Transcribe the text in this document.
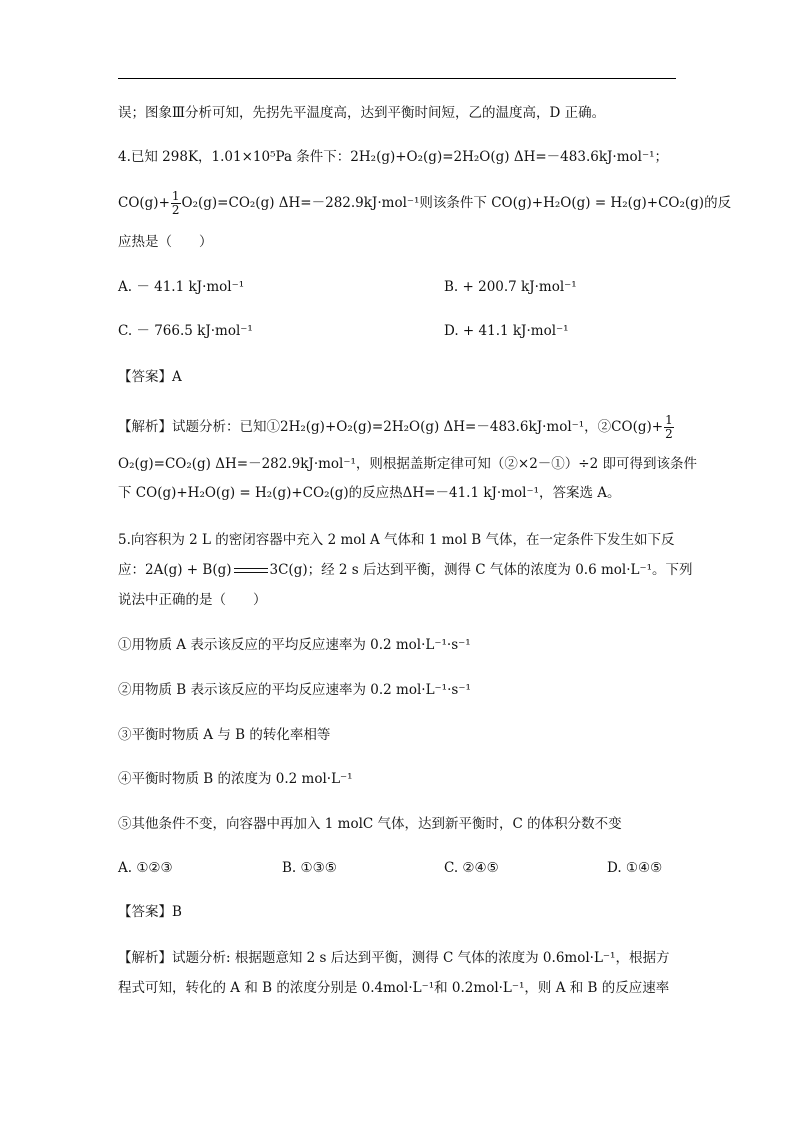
误；图象Ⅲ分析可知，先拐先平温度高，达到平衡时间短，乙的温度高，D 正确。
4.已知 298K，1.01×10⁵Pa 条件下：2H₂(g)+O₂(g)=2H₂O(g) ΔH=－483.6kJ·mol⁻¹；
$CO(g)+ \frac{1}{2} O_2(g)=CO_2(g)$ ΔH=－282.9kJ·mol⁻¹则该条件下 CO(g)+H₂O(g) = H₂(g)+CO₂(g)的反
应热是（　　）
A. － 41.1 kJ·mol⁻¹	B. + 200.7 kJ·mol⁻¹
C. － 766.5 kJ·mol⁻¹	D. + 41.1 kJ·mol⁻¹
【答案】A
【解析】试题分析：已知①2H₂(g)+O₂(g)=2H₂O(g) ΔH=－483.6kJ·mol⁻¹，②CO(g)+ $\frac{1}{2}$
O₂(g)=CO₂(g) ΔH=－282.9kJ·mol⁻¹，则根据盖斯定律可知（②×2－①）÷2 即可得到该条件
下 CO(g)+H₂O(g) = H₂(g)+CO₂(g)的反应热ΔH=－41.1 kJ·mol⁻¹，答案选 A。
5.向容积为 2 L 的密闭容器中充入 2 mol A 气体和 1 mol B 气体，在一定条件下发生如下反
应：2A(g) + B(g)	3C(g)；经 2 s 后达到平衡，测得 C 气体的浓度为 0.6 mol·L⁻¹。下列
说法中正确的是（　　）
①用物质 A 表示该反应的平均反应速率为 0.2 mol·L⁻¹·s⁻¹
②用物质 B 表示该反应的平均反应速率为 0.2 mol·L⁻¹·s⁻¹
③平衡时物质 A 与 B 的转化率相等
④平衡时物质 B 的浓度为 0.2 mol·L⁻¹
⑤其他条件不变，向容器中再加入 1 molC 气体，达到新平衡时，C 的体积分数不变
A. ①②③	B. ①③⑤	C. ②④⑤	D. ①④⑤
【答案】B
【解析】试题分析: 根据题意知 2 s 后达到平衡，测得 C 气体的浓度为 0.6mol·L⁻¹，根据方
程式可知，转化的 A 和 B 的浓度分别是 0.4mol·L⁻¹和 0.2mol·L⁻¹，则 A 和 B 的反应速率
